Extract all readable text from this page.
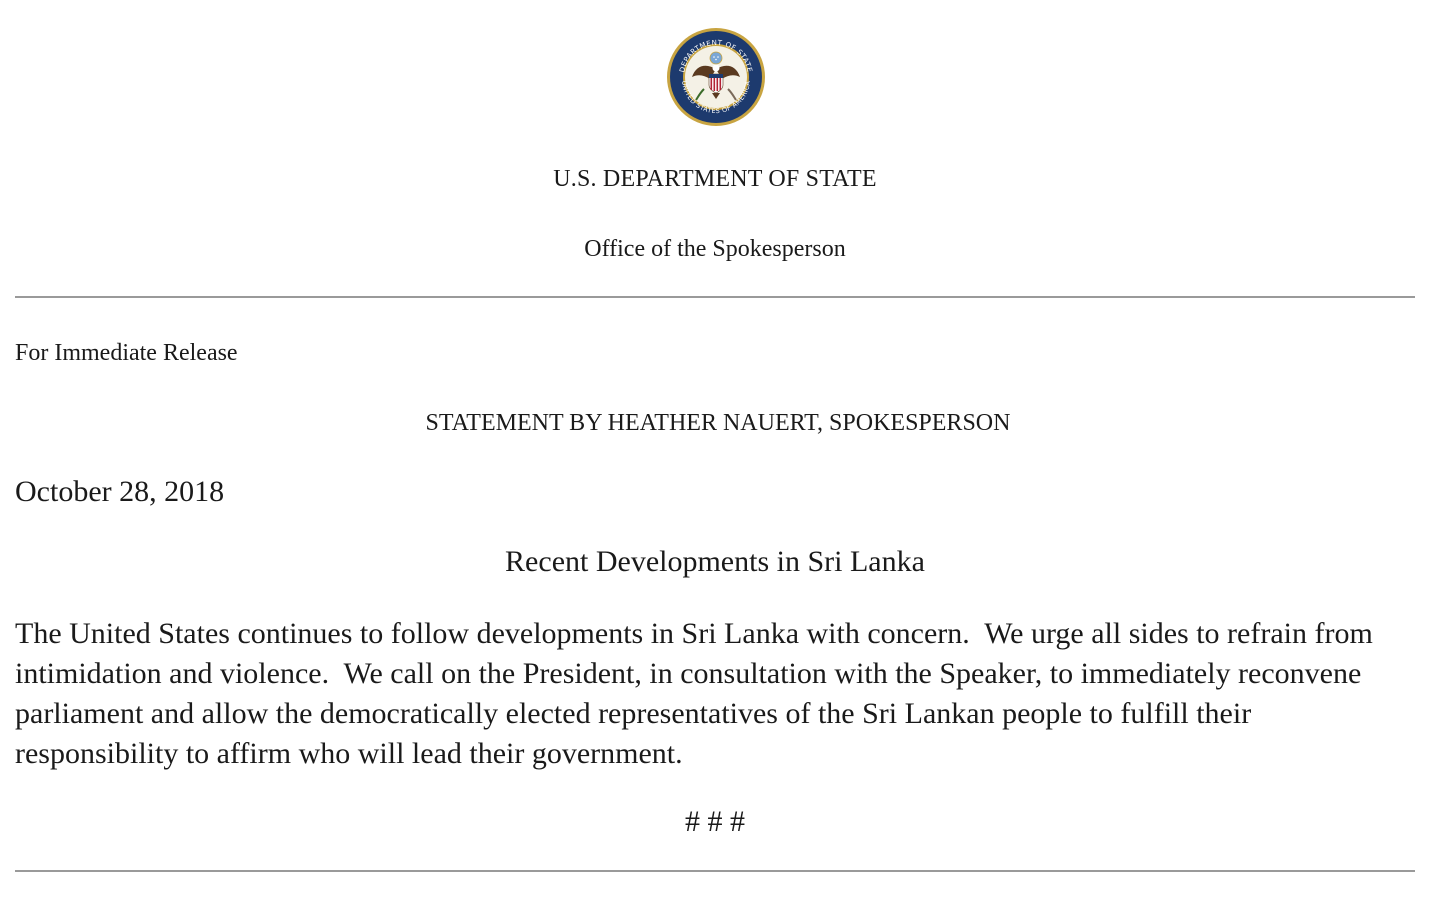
DEPARTMENT OF STATE
UNITED STATES OF AMERICA
U.S. DEPARTMENT OF STATE
Office of the Spokesperson
For Immediate Release
STATEMENT BY HEATHER NAUERT, SPOKESPERSON
October 28, 2018
Recent Developments in Sri Lanka

The United States continues to follow developments in Sri Lanka with concern.  We urge all sides to refrain from intimidation and violence.  We call on the President, in consultation with the Speaker, to immediately reconvene parliament and allow the democratically elected representatives of the Sri Lankan people to fulfill their responsibility to affirm who will lead their government.

# # #
